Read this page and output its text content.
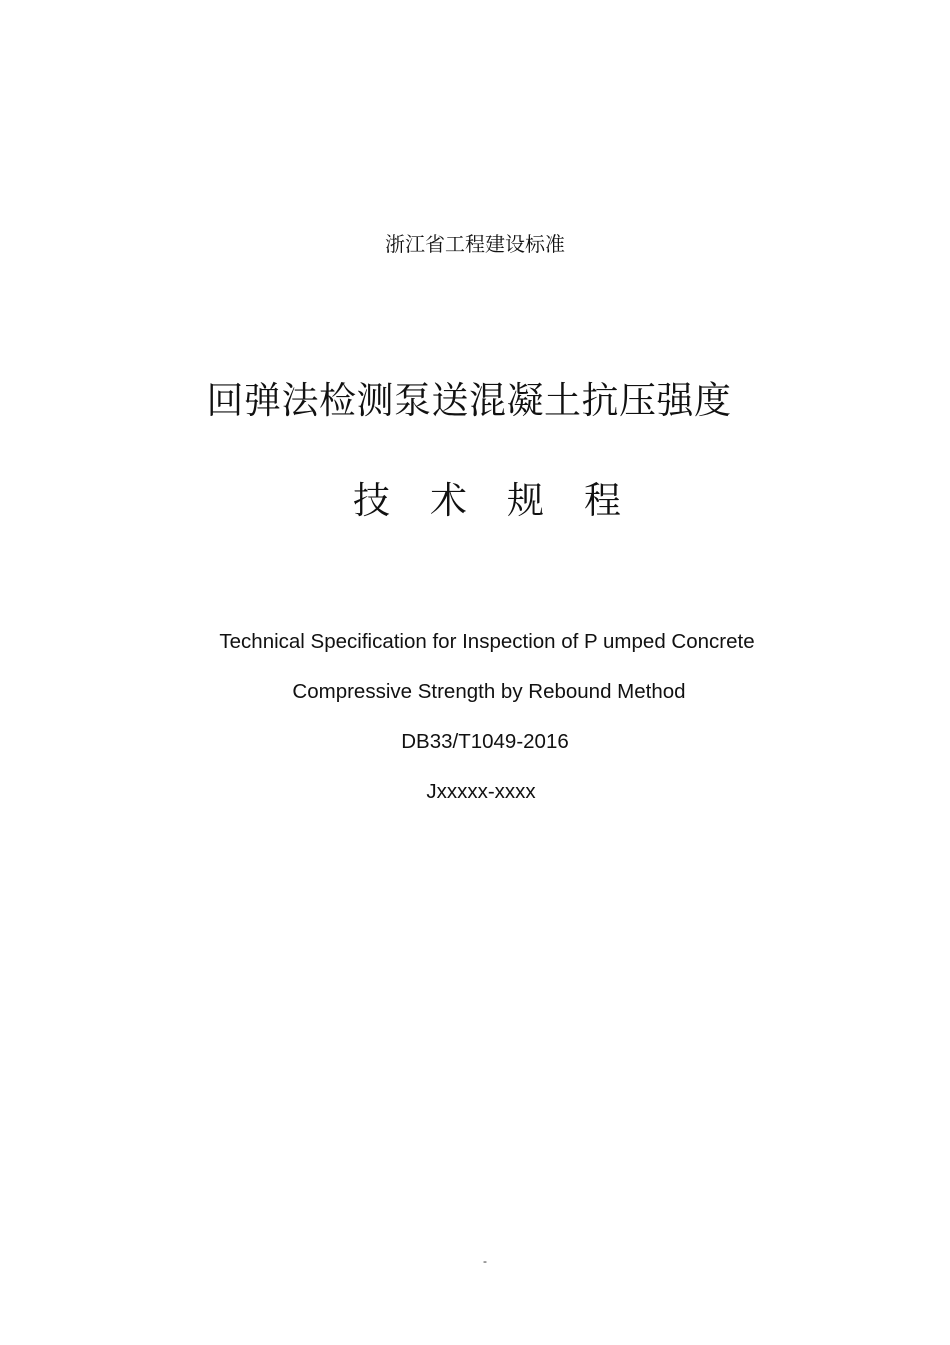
浙江省工程建设标准
回弹法检测泵送混凝土抗压强度
技 术 规 程
Technical Specification for Inspection of P umped Concrete
Compressive Strength by Rebound Method
DB33/T1049-2016
Jxxxxx-xxxx
-
